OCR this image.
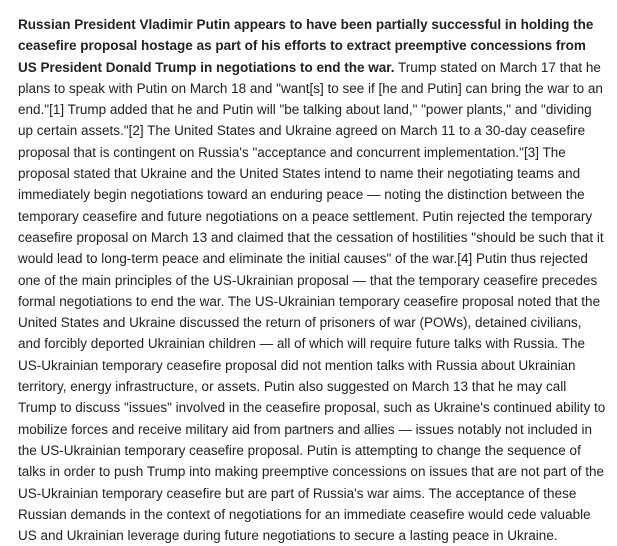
Russian President Vladimir Putin appears to have been partially successful in holding the ceasefire proposal hostage as part of his efforts to extract preemptive concessions from US President Donald Trump in negotiations to end the war. Trump stated on March 17 that he plans to speak with Putin on March 18 and "want[s] to see if [he and Putin] can bring the war to an end."[1] Trump added that he and Putin will "be talking about land," "power plants," and "dividing up certain assets."[2] The United States and Ukraine agreed on March 11 to a 30-day ceasefire proposal that is contingent on Russia's "acceptance and concurrent implementation."[3] The proposal stated that Ukraine and the United States intend to name their negotiating teams and immediately begin negotiations toward an enduring peace — noting the distinction between the temporary ceasefire and future negotiations on a peace settlement. Putin rejected the temporary ceasefire proposal on March 13 and claimed that the cessation of hostilities "should be such that it would lead to long-term peace and eliminate the initial causes" of the war.[4] Putin thus rejected one of the main principles of the US-Ukrainian proposal — that the temporary ceasefire precedes formal negotiations to end the war. The US-Ukrainian temporary ceasefire proposal noted that the United States and Ukraine discussed the return of prisoners of war (POWs), detained civilians, and forcibly deported Ukrainian children — all of which will require future talks with Russia. The US-Ukrainian temporary ceasefire proposal did not mention talks with Russia about Ukrainian territory, energy infrastructure, or assets. Putin also suggested on March 13 that he may call Trump to discuss "issues" involved in the ceasefire proposal, such as Ukraine's continued ability to mobilize forces and receive military aid from partners and allies — issues notably not included in the US-Ukrainian temporary ceasefire proposal. Putin is attempting to change the sequence of talks in order to push Trump into making preemptive concessions on issues that are not part of the US-Ukrainian temporary ceasefire but are part of Russia's war aims. The acceptance of these Russian demands in the context of negotiations for an immediate ceasefire would cede valuable US and Ukrainian leverage during future negotiations to secure a lasting peace in Ukraine.
